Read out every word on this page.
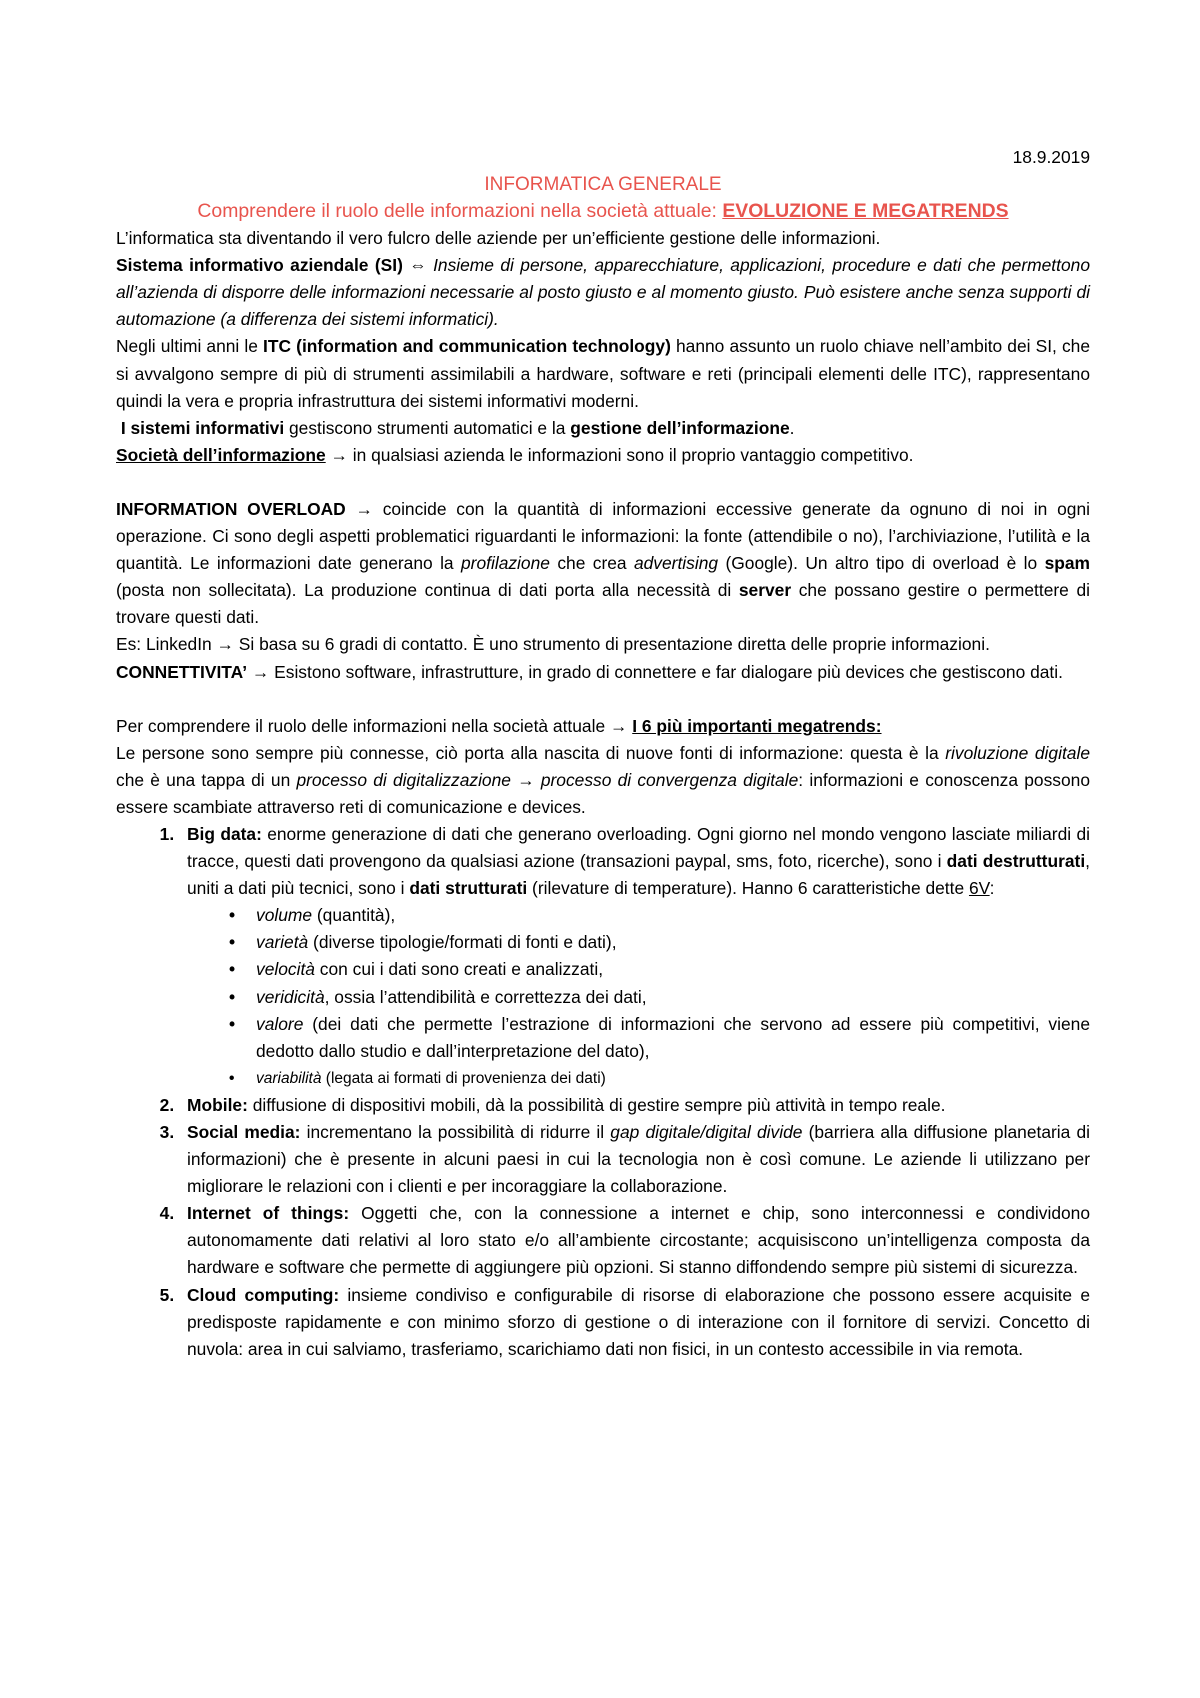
18.9.2019

INFORMATICA GENERALE

Comprendere il ruolo delle informazioni nella società attuale: EVOLUZIONE E MEGATRENDS

L’informatica sta diventando il vero fulcro delle aziende per un’efficiente gestione delle informazioni.

Sistema informativo aziendale (SI) ⇔ Insieme di persone, apparecchiature, applicazioni, procedure e dati che permettono all’azienda di disporre delle informazioni necessarie al posto giusto e al momento giusto. Può esistere anche senza supporti di automazione (a differenza dei sistemi informatici).

Negli ultimi anni le ITC (information and communication technology) hanno assunto un ruolo chiave nell’ambito dei SI, che si avvalgono sempre di più di strumenti assimilabili a hardware, software e reti (principali elementi delle ITC), rappresentano quindi la vera e propria infrastruttura dei sistemi informativi moderni.

I sistemi informativi gestiscono strumenti automatici e la gestione dell’informazione.

Società dell’informazione → in qualsiasi azienda le informazioni sono il proprio vantaggio competitivo.

INFORMATION OVERLOAD → coincide con la quantità di informazioni eccessive generate da ognuno di noi in ogni operazione. Ci sono degli aspetti problematici riguardanti le informazioni: la fonte (attendibile o no), l’archiviazione, l’utilità e la quantità. Le informazioni date generano la profilazione che crea advertising (Google). Un altro tipo di overload è lo spam (posta non sollecitata). La produzione continua di dati porta alla necessità di server che possano gestire o permettere di trovare questi dati.

Es: LinkedIn → Si basa su 6 gradi di contatto. È uno strumento di presentazione diretta delle proprie informazioni.

CONNETTIVITA’ → Esistono software, infrastrutture, in grado di connettere e far dialogare più devices che gestiscono dati.

Per comprendere il ruolo delle informazioni nella società attuale → I 6 più importanti megatrends:

Le persone sono sempre più connesse, ciò porta alla nascita di nuove fonti di informazione: questa è la rivoluzione digitale che è una tappa di un processo di digitalizzazione → processo di convergenza digitale: informazioni e conoscenza possono essere scambiate attraverso reti di comunicazione e devices.

1. Big data: enorme generazione di dati che generano overloading. Ogni giorno nel mondo vengono lasciate miliardi di tracce, questi dati provengono da qualsiasi azione (transazioni paypal, sms, foto, ricerche), sono i dati destrutturati, uniti a dati più tecnici, sono i dati strutturati (rilevature di temperature). Hanno 6 caratteristiche dette 6V:
• volume (quantità),
• varietà (diverse tipologie/formati di fonti e dati),
• velocità con cui i dati sono creati e analizzati,
• veridicità, ossia l’attendibilità e correttezza dei dati,
• valore (dei dati che permette l’estrazione di informazioni che servono ad essere più competitivi, viene dedotto dallo studio e dall’interpretazione del dato),
• variabilità (legata ai formati di provenienza dei dati)
2. Mobile: diffusione di dispositivi mobili, dà la possibilità di gestire sempre più attività in tempo reale.
3. Social media: incrementano la possibilità di ridurre il gap digitale/digital divide (barriera alla diffusione planetaria di informazioni) che è presente in alcuni paesi in cui la tecnologia non è così comune. Le aziende li utilizzano per migliorare le relazioni con i clienti e per incoraggiare la collaborazione.
4. Internet of things: Oggetti che, con la connessione a internet e chip, sono interconnessi e condividono autonomamente dati relativi al loro stato e/o all’ambiente circostante; acquisiscono un’intelligenza composta da hardware e software che permette di aggiungere più opzioni. Si stanno diffondendo sempre più sistemi di sicurezza.
5. Cloud computing: insieme condiviso e configurabile di risorse di elaborazione che possono essere acquisite e predisposte rapidamente e con minimo sforzo di gestione o di interazione con il fornitore di servizi. Concetto di nuvola: area in cui salviamo, trasferiamo, scarichiamo dati non fisici, in un contesto accessibile in via remota.
